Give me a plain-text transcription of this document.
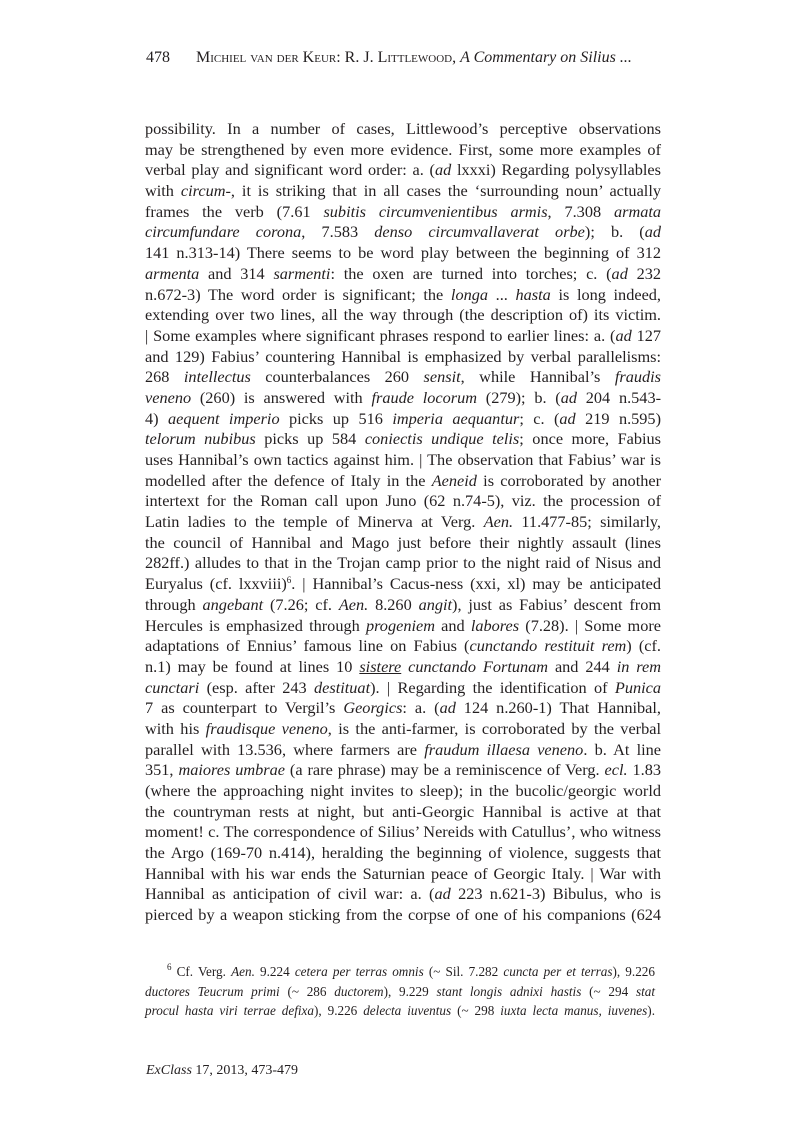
478 Michiel van der Keur: R. J. Littlewood, A Commentary on Silius ...
possibility. In a number of cases, Littlewood’s perceptive observations
may be strengthened by even more evidence. First, some more examples of
verbal play and significant word order: a. (ad lxxxi) Regarding polysyllables
with circum-, it is striking that in all cases the ‘surrounding noun’ actually
frames the verb (7.61 subitis circumvenientibus armis, 7.308 armata
circumfundare corona, 7.583 denso circumvallaverat orbe); b. (ad
141 n.313-14) There seems to be word play between the beginning of 312
armenta and 314 sarmenti: the oxen are turned into torches; c. (ad 232
n.672-3) The word order is significant; the longa ... hasta is long indeed,
extending over two lines, all the way through (the description of) its victim.
| Some examples where significant phrases respond to earlier lines: a. (ad 127
and 129) Fabius’ countering Hannibal is emphasized by verbal parallelisms:
268 intellectus counterbalances 260 sensit, while Hannibal’s fraudis
veneno (260) is answered with fraude locorum (279); b. (ad 204 n.543-
4) aequent imperio picks up 516 imperia aequantur; c. (ad 219 n.595)
telorum nubibus picks up 584 coniectis undique telis; once more, Fabius
uses Hannibal’s own tactics against him. | The observation that Fabius’ war is
modelled after the defence of Italy in the Aeneid is corroborated by another
intertext for the Roman call upon Juno (62 n.74-5), viz. the procession of
Latin ladies to the temple of Minerva at Verg. Aen. 11.477-85; similarly,
the council of Hannibal and Mago just before their nightly assault (lines
282ff.) alludes to that in the Trojan camp prior to the night raid of Nisus and
Euryalus (cf. lxxviii)$^6$. | Hannibal’s Cacus-ness (xxi, xl) may be anticipated
through angebant (7.26; cf. Aen. 8.260 angit), just as Fabius’ descent from
Hercules is emphasized through progeniem and labores (7.28). | Some more
adaptations of Ennius’ famous line on Fabius (cunctando restituit rem) (cf.
n.1) may be found at lines 10 sistere cunctando Fortunam and 244 in rem
cunctari (esp. after 243 destituat). | Regarding the identification of Punica
7 as counterpart to Vergil’s Georgics: a. (ad 124 n.260-1) That Hannibal,
with his fraudisque veneno, is the anti-farmer, is corroborated by the verbal
parallel with 13.536, where farmers are fraudum illaesa veneno. b. At line
351, maiores umbrae (a rare phrase) may be a reminiscence of Verg. ecl. 1.83
(where the approaching night invites to sleep); in the bucolic/georgic world
the countryman rests at night, but anti-Georgic Hannibal is active at that
moment! c. The correspondence of Silius’ Nereids with Catullus’, who witness
the Argo (169-70 n.414), heralding the beginning of violence, suggests that
Hannibal with his war ends the Saturnian peace of Georgic Italy. | War with
Hannibal as anticipation of civil war: a. (ad 223 n.621-3) Bibulus, who is
pierced by a weapon sticking from the corpse of one of his companions (624
$^6$ Cf. Verg. Aen. 9.224 cetera per terras omnis (~ Sil. 7.282 cuncta per et terras), 9.226
ductores Teucrum primi (~ 286 ductorem), 9.229 stant longis adnixi hastis (~ 294 stat
procul hasta viri terrae defixa), 9.226 delecta iuventus (~ 298 iuxta lecta manus, iuvenes).
ExClass 17, 2013, 473-479
